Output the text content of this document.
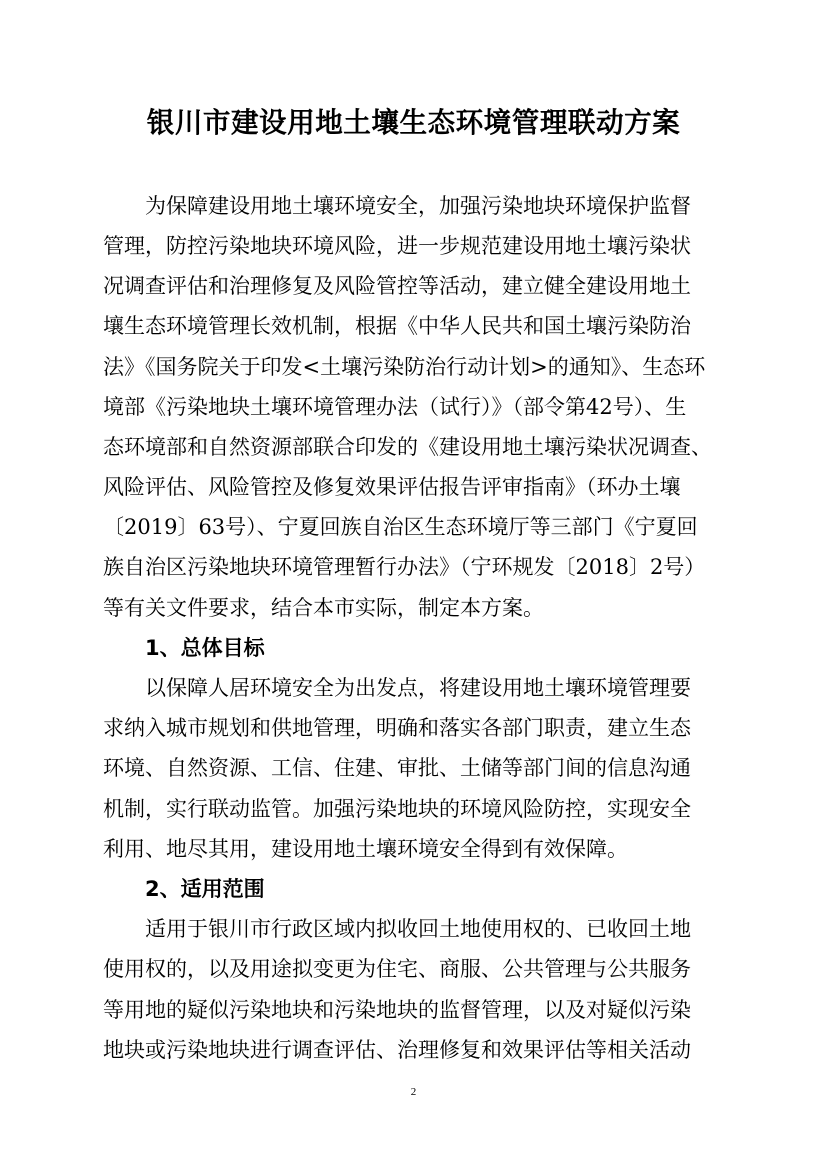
银川市建设用地土壤生态环境管理联动方案

为保障建设用地土壤环境安全，加强污染地块环境保护监督

管理，防控污染地块环境风险，进一步规范建设用地土壤污染状

况调查评估和治理修复及风险管控等活动，建立健全建设用地土

壤生态环境管理长效机制，根据《中华人民共和国土壤污染防治

法》《国务院关于印发<土壤污染防治行动计划>的通知》、生态环

境部《污染地块土壤环境管理办法（试行）》（部令第42号）、生

态环境部和自然资源部联合印发的《建设用地土壤污染状况调查、

风险评估、风险管控及修复效果评估报告评审指南》（环办土壤

〔2019〕63号）、宁夏回族自治区生态环境厅等三部门《宁夏回

族自治区污染地块环境管理暂行办法》（宁环规发〔2018〕2号）

等有关文件要求，结合本市实际，制定本方案。

1、总体目标

以保障人居环境安全为出发点，将建设用地土壤环境管理要

求纳入城市规划和供地管理，明确和落实各部门职责，建立生态

环境、自然资源、工信、住建、审批、土储等部门间的信息沟通

机制，实行联动监管。加强污染地块的环境风险防控，实现安全

利用、地尽其用，建设用地土壤环境安全得到有效保障。

2、适用范围

适用于银川市行政区域内拟收回土地使用权的、已收回土地

使用权的，以及用途拟变更为住宅、商服、公共管理与公共服务

等用地的疑似污染地块和污染地块的监督管理，以及对疑似污染

地块或污染地块进行调查评估、治理修复和效果评估等相关活动

2
